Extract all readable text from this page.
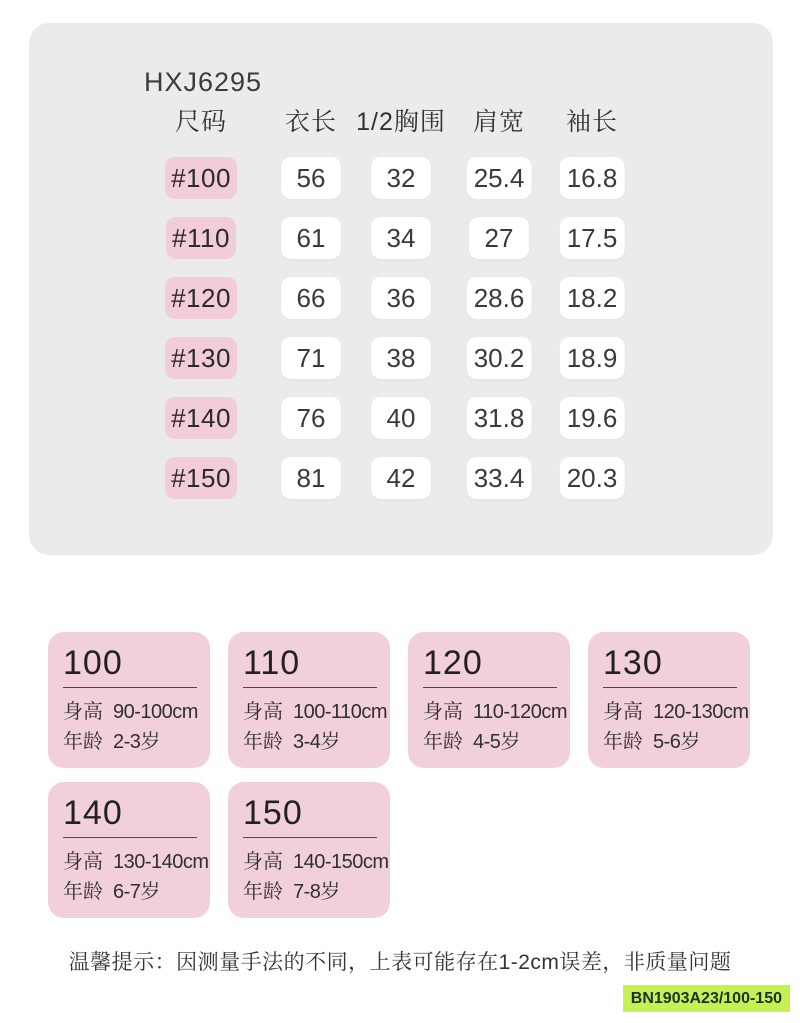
HXJ6295
尺码 衣长 1/2胸围 肩宽 袖长
#100	56	32	25.4 16.8
#110	61	34	27	17.5
#120	66	36	28.6 18.2
#130	71	38	30.2 18.9
#140	76	40	31.8 19.6
#150	81	42	33.4 20.3
100
身高 90-100cm
年龄 2-3岁
110
身高 100-110cm
年龄 3-4岁
120
身高 110-120cm
年龄 4-5岁
130
身高 120-130cm
年龄 5-6岁
140
身高 130-140cm
年龄 6-7岁
150
身高 140-150cm
年龄 7-8岁
温馨提示：因测量手法的不同，上表可能存在1-2cm误差，非质量问题
BN1903A23/100-150
